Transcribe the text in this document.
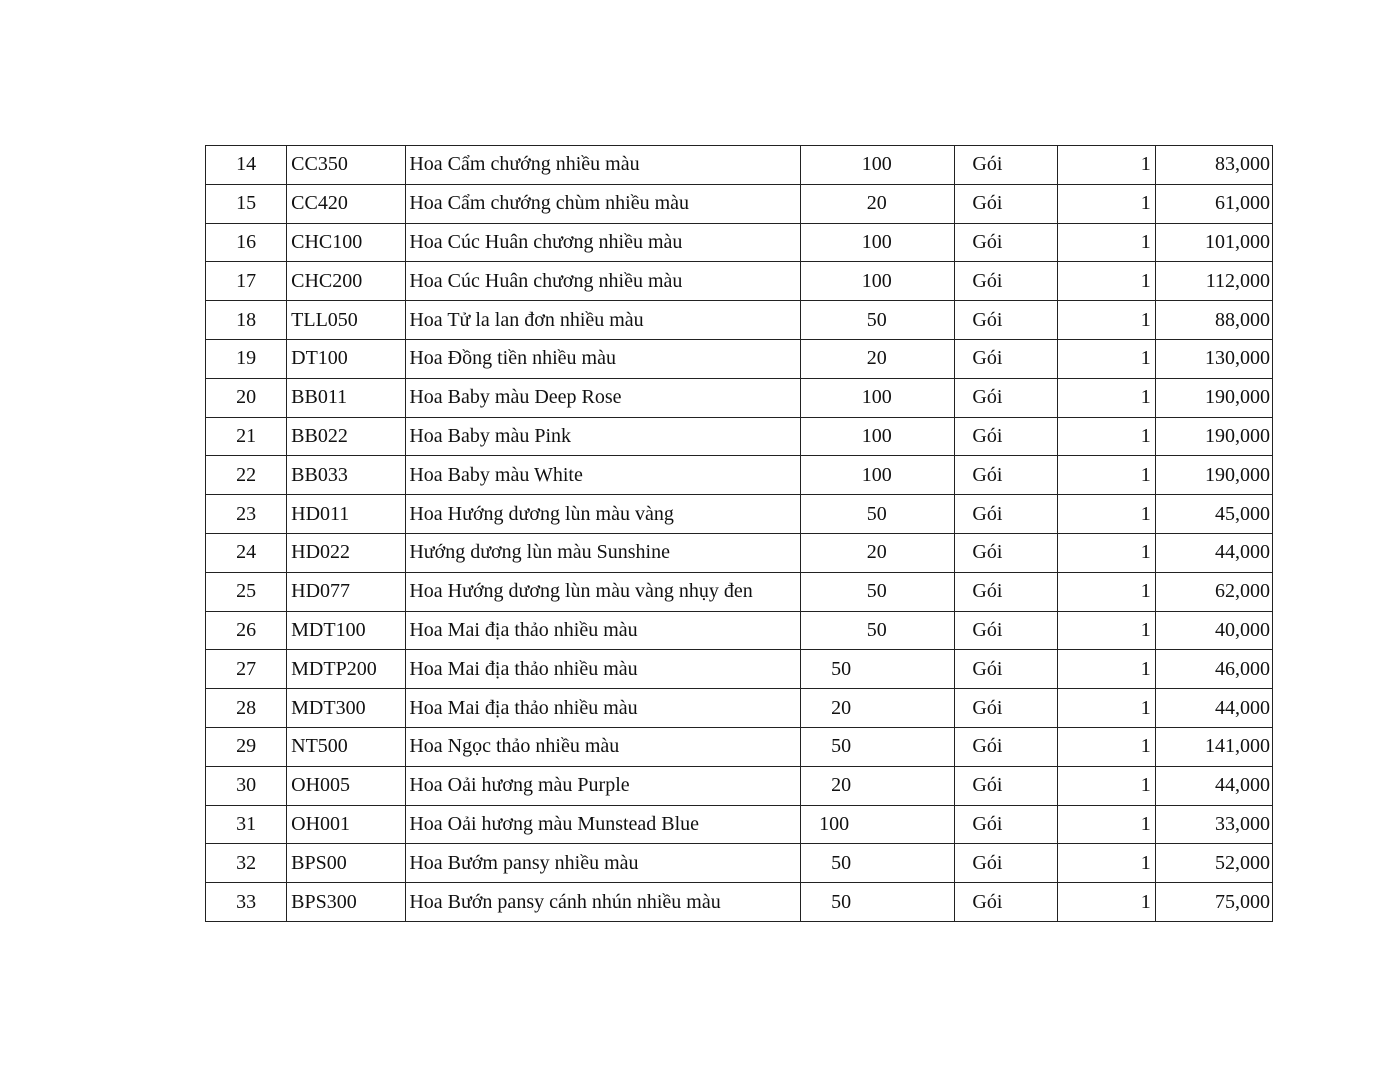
14	CC350	Hoa Cẩm chướng nhiều màu	100	Gói	1	83,000
15	CC420	Hoa Cẩm chướng chùm nhiều màu	20	Gói	1	61,000
16	CHC100	Hoa Cúc Huân chương nhiều màu	100	Gói	1	101,000
17	CHC200	Hoa Cúc Huân chương nhiều màu	100	Gói	1	112,000
18	TLL050	Hoa Tử la lan đơn nhiều màu	50	Gói	1	88,000
19	DT100	Hoa Đồng tiền nhiều màu	20	Gói	1	130,000
20	BB011	Hoa Baby màu Deep Rose	100	Gói	1	190,000
21	BB022	Hoa Baby màu Pink	100	Gói	1	190,000
22	BB033	Hoa Baby màu White	100	Gói	1	190,000
23	HD011	Hoa Hướng dương lùn màu vàng	50	Gói	1	45,000
24	HD022	Hướng dương lùn màu Sunshine	20	Gói	1	44,000
25	HD077	Hoa Hướng dương lùn màu vàng nhụy đen	50	Gói	1	62,000
26	MDT100	Hoa Mai địa thảo nhiều màu	50	Gói	1	40,000
27	MDTP200	Hoa Mai địa thảo nhiều màu	50	Gói	1	46,000
28	MDT300	Hoa Mai địa thảo nhiều màu	20	Gói	1	44,000
29	NT500	Hoa Ngọc thảo nhiều màu	50	Gói	1	141,000
30	OH005	Hoa Oải hương màu Purple	20	Gói	1	44,000
31	OH001	Hoa Oải hương màu Munstead Blue	100	Gói	1	33,000
32	BPS00	Hoa Bướm pansy nhiều màu	50	Gói	1	52,000
33	BPS300	Hoa Bướn pansy cánh nhún nhiều màu	50	Gói	1	75,000
